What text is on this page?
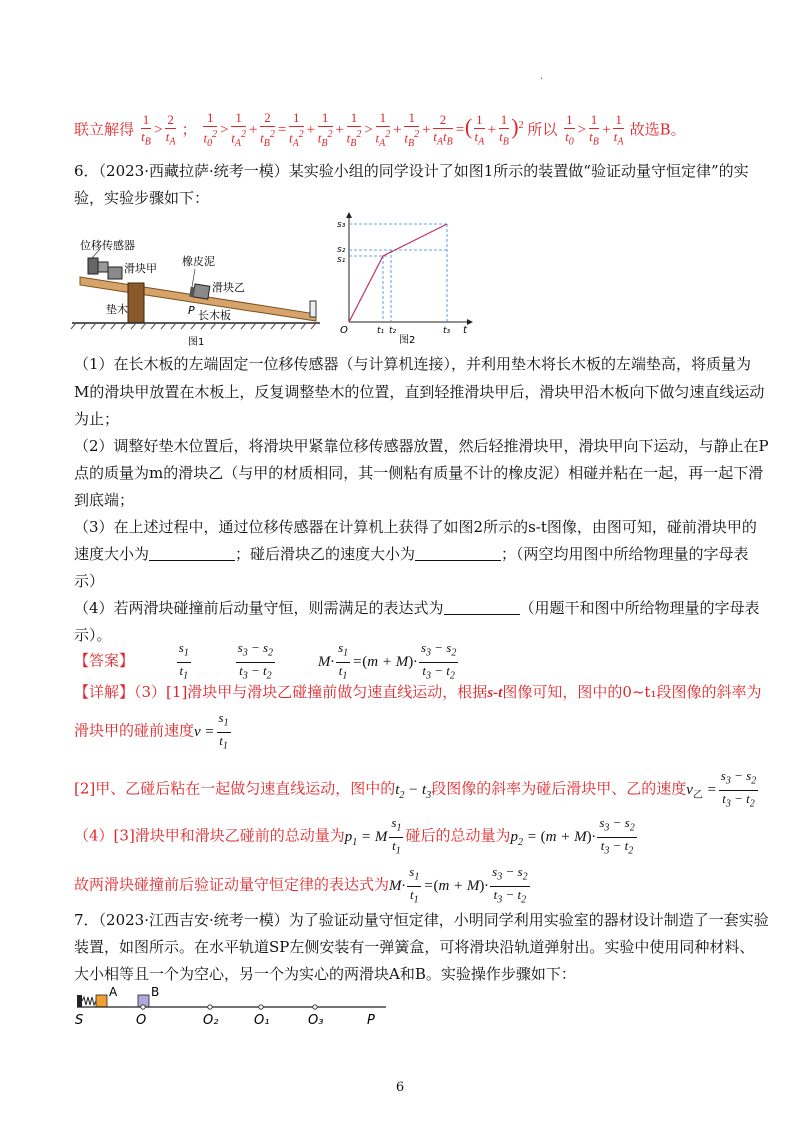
·
联立解得 $\frac{1}{t_B} > \frac{2}{t_A}$ ； $\frac{1}{t_0^2} > \frac{1}{t_A^2} + \frac{2}{t_B^2} = \frac{1}{t_A^2} + \frac{1}{t_B^2} + \frac{1}{t_B^2} > \frac{1}{t_A^2} + \frac{1}{t_B^2} + \frac{2}{t_At_B}$ =( $\frac{1}{t_A} + \frac{1}{t_B} )^2$ 所以 $\frac{1}{t_0} > \frac{1}{t_B} + \frac{1}{t_A}$ 故选B。
6．（2023·西藏拉萨·统考一模）某实验小组的同学设计了如图1所示的装置做“验证动量守恒定律”的实
验，实验步骤如下：
位移传感器
滑块甲
橡皮泥
滑块乙
垫木	P 长木板
图1
s₃
s₂
s₁
O	t₁ t₂	t₃ t
图2
（1）在长木板的左端固定一位移传感器（与计算机连接），并利用垫木将长木板的左端垫高，将质量为
M的滑块甲放置在木板上，反复调整垫木的位置，直到轻推滑块甲后，滑块甲沿木板向下做匀速直线运动
为止；
（2）调整好垫木位置后，将滑块甲紧靠位移传感器放置，然后轻推滑块甲，滑块甲向下运动，与静止在P
点的质量为m的滑块乙（与甲的材质相同，其一侧粘有质量不计的橡皮泥）相碰并粘在一起，再一起下滑
到底端；
（3）在上述过程中，通过位移传感器在计算机上获得了如图2所示的s-t图像，由图可知，碰前滑块甲的
速度大小为	；碰后滑块乙的速度大小为	；（两空均用图中所给物理量的字母表
示）
（4）若两滑块碰撞前后动量守恒，则需满足的表达式为	（用题干和图中所给物理量的字母表
示）。
【答案】	$\frac{s_1}{t_1}$
	$\frac{s_3 - s_2}{t_3 - t_2}$	$M\cdot \frac{s_1}{t_1} =(m + M)\cdot \frac{s_3 - s_2}{t_3 - t_2}$
【详解】（3）[1]滑块甲与滑块乙碰撞前做匀速直线运动，根据s-t图像可知，图中的0~t₁段图像的斜率为
滑块甲的碰前速度$v = \frac{s_1}{t_1}$
[2]甲、乙碰后粘在一起做匀速直线运动，图中的$t_2 - t_3$段图像的斜率为碰后滑块甲、乙的速度$v_乙 = \frac{s_3 - s_2}{t_3 - t_2}$
（4）[3]滑块甲和滑块乙碰前的总动量为$p_1 = M \frac{s_1}{t_1}$ 碰后的总动量为$p_2 = (m + M)\cdot \frac{s_3 - s_2}{t_3 - t_2}$
故两滑块碰撞前后验证动量守恒定律的表达式为$M\cdot \frac{s_1}{t_1} =(m + M)\cdot \frac{s_3 - s_2}{t_3 - t_2}$
7．（2023·江西吉安·统考一模）为了验证动量守恒定律，小明同学利用实验室的器材设计制造了一套实验
装置，如图所示。在水平轨道SP左侧安装有一弹簧盒，可将滑块沿轨道弹射出。实验中使用同种材料、
大小相等且一个为空心，另一个为实心的两滑块A和B。实验操作步骤如下：
A	B
S	O	O₂	O₁	O₃	P
6
